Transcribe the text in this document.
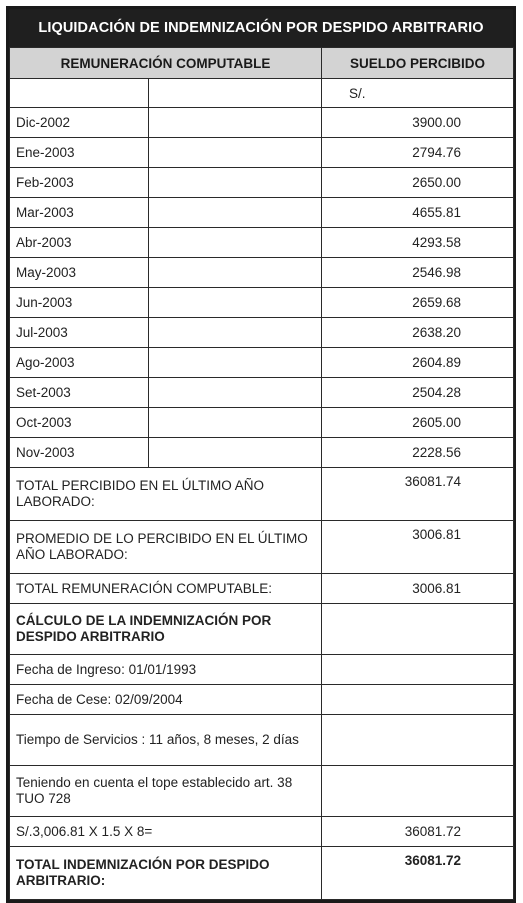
LIQUIDACIÓN DE INDEMNIZACIÓN POR DESPIDO ARBITRARIO
REMUNERACIÓN COMPUTABLE		SUELDO PERCIBIDO
		S/.
Dic-2002		3900.00
Ene-2003		2794.76
Feb-2003		2650.00
Mar-2003		4655.81
Abr-2003		4293.58
May-2003		2546.98
Jun-2003		2659.68
Jul-2003		2638.20
Ago-2003		2604.89
Set-2003		2504.28
Oct-2003		2605.00
Nov-2003		2228.56
TOTAL PERCIBIDO EN EL ÚLTIMO AÑO LABORADO:		36081.74
PROMEDIO DE LO PERCIBIDO EN EL ÚLTIMO AÑO LABORADO:		3006.81
TOTAL REMUNERACIÓN COMPUTABLE:		3006.81
CÁLCULO DE LA INDEMNIZACIÓN POR DESPIDO ARBITRARIO		
Fecha de Ingreso: 01/01/1993		
Fecha de Cese: 02/09/2004		
Tiempo de Servicios : 11 años, 8 meses, 2 días		
Teniendo en cuenta el tope establecido art. 38 TUO 728		
S/.3,006.81 X 1.5 X 8=		36081.72
TOTAL INDEMNIZACIÓN POR DESPIDO ARBITRARIO:		36081.72
